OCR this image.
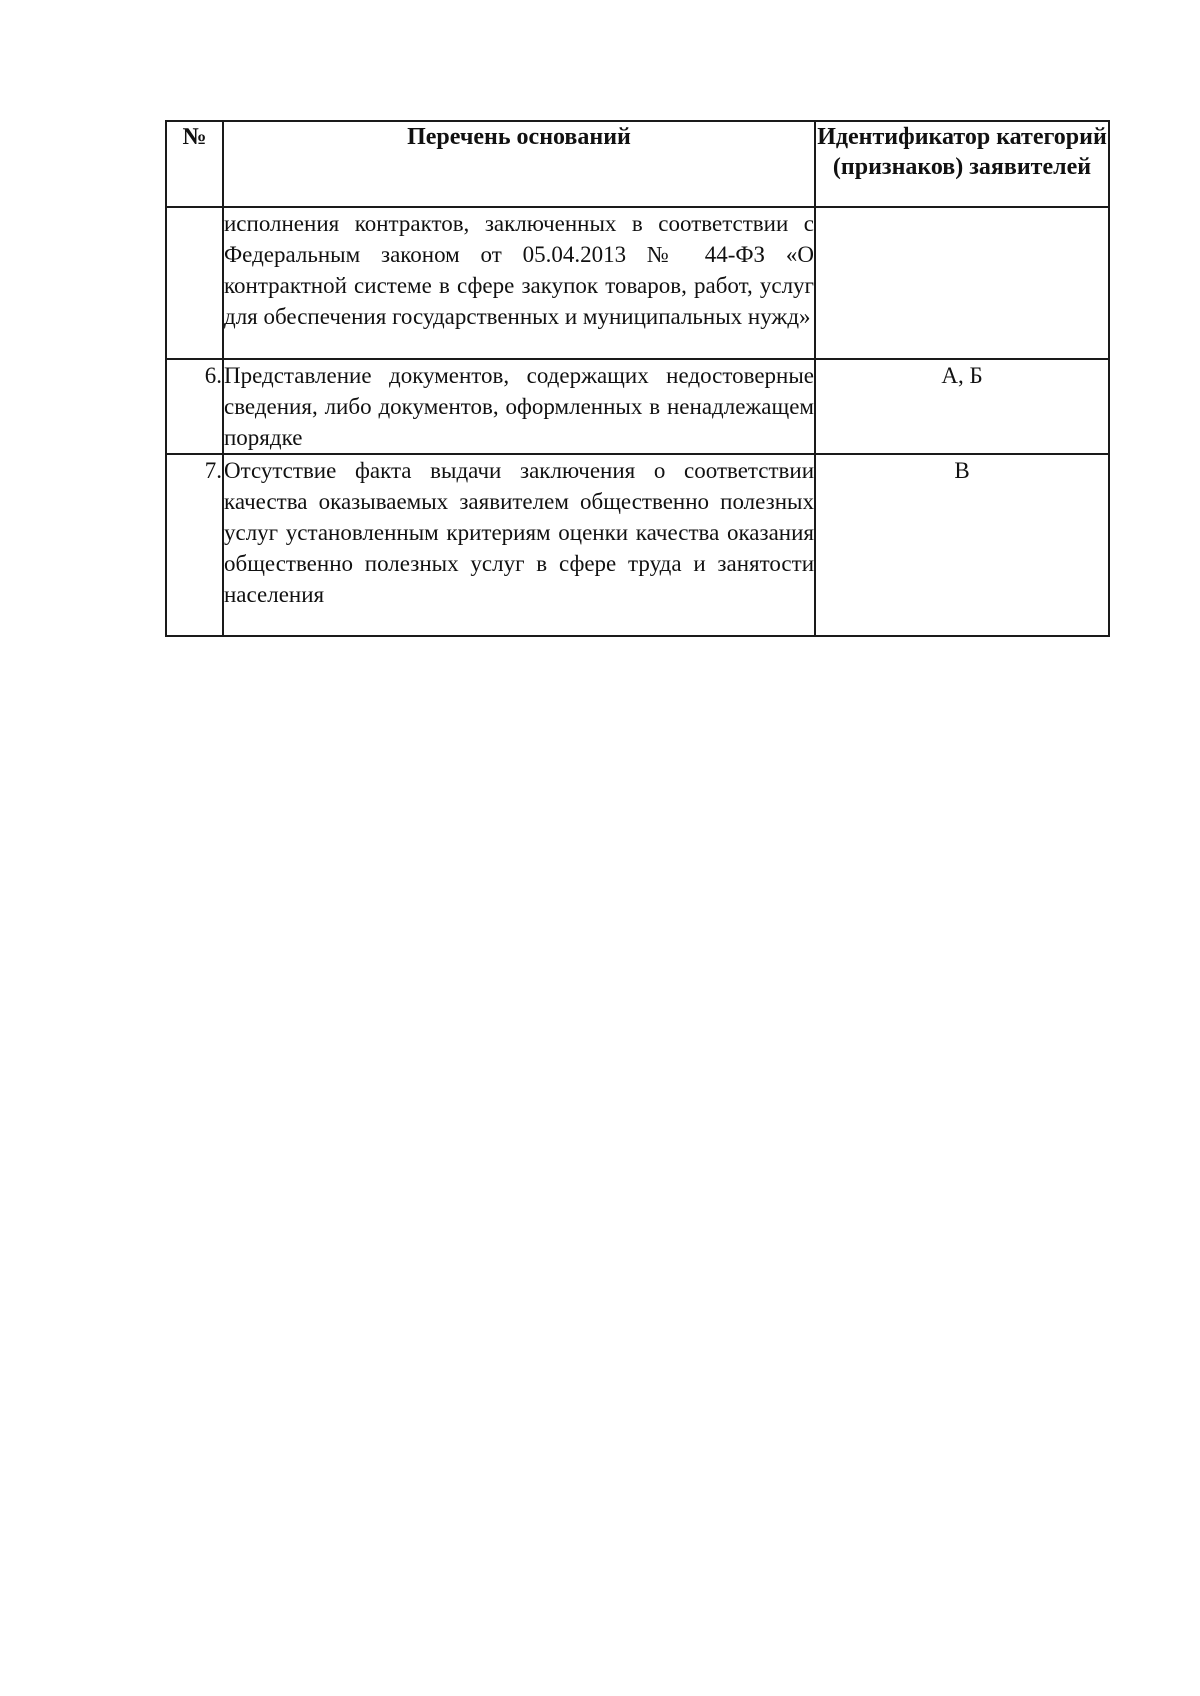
№	Перечень оснований	Идентификатор категорий (признаков) заявителей

	исполнения контрактов, заключенных в соответствии с Федеральным законом от 05.04.2013 № 44-ФЗ «О контрактной системе в сфере закупок товаров, работ, услуг для обеспечения государственных и муниципальных нужд»	

6.	Представление документов, содержащих недостоверные сведения, либо документов, оформленных в ненадлежащем порядке	А, Б
7.	Отсутствие факта выдачи заключения о соответствии качества оказываемых заявителем общественно полезных услуг установленным критериям оценки качества оказания общественно полезных услуг в сфере труда и занятости населения	В
